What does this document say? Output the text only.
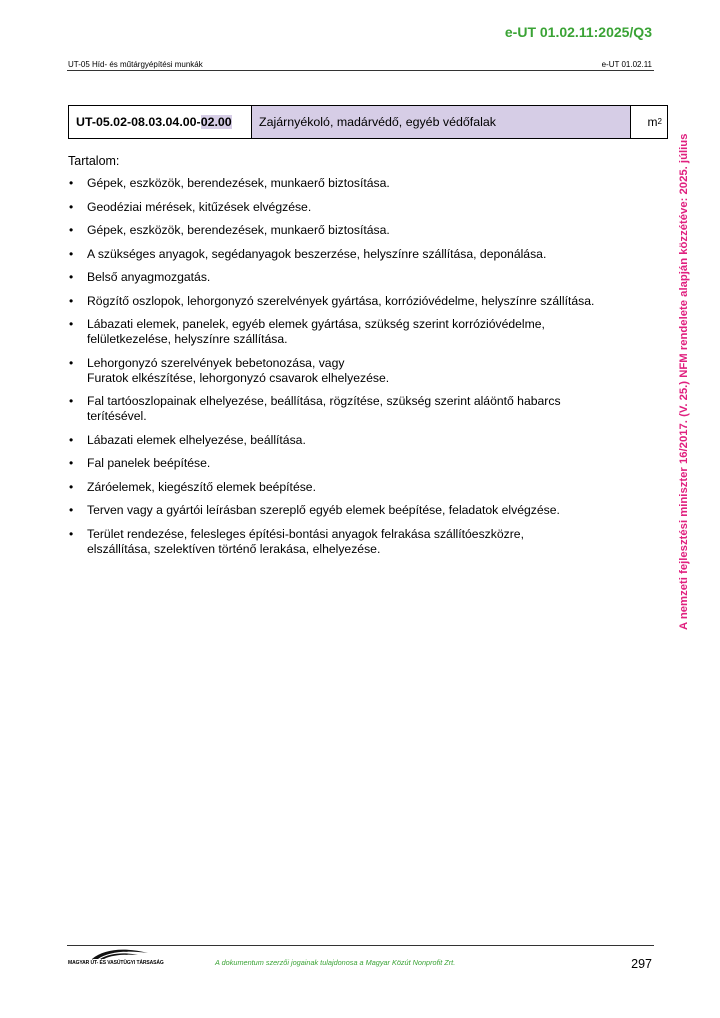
e-UT 01.02.11:2025/Q3
UT-05 Híd- és műtárgyépítési munkák	e-UT 01.02.11
A nemzeti fejlesztési miniszter 16/2017. (V. 25.) NFM rendelete alapján közzétéve: 2025. július
UT-05.02-08.03.04.00- 02.00 Zajárnyékoló, madárvédő, egyéb védőfalak	$m^2$
Tartalom:
• Gépek, eszközök, berendezések, munkaerő biztosítása.
• Geodéziai mérések, kitűzések elvégzése.
• Gépek, eszközök, berendezések, munkaerő biztosítása.
• A szükséges anyagok, segédanyagok beszerzése, helyszínre szállítása, deponálása.
• Belső anyagmozgatás.
• Rögzítő oszlopok, lehorgonyzó szerelvények gyártása, korrózióvédelme, helyszínre szállítása.
• Lábazati elemek, panelek, egyéb elemek gyártása, szükség szerint korrózióvédelme,
felületkezelése, helyszínre szállítása.
• Lehorgonyzó szerelvények bebetonozása, vagy
Furatok elkészítése, lehorgonyzó csavarok elhelyezése.
• Fal tartóoszlopainak elhelyezése, beállítása, rögzítése, szükség szerint aláöntő habarcs
terítésével.
• Lábazati elemek elhelyezése, beállítása.
• Fal panelek beépítése.
• Záróelemek, kiegészítő elemek beépítése.
• Terven vagy a gyártói leírásban szereplő egyéb elemek beépítése, feladatok elvégzése.
• Terület rendezése, felesleges építési-bontási anyagok felrakása szállítóeszközre,
elszállítása, szelektíven történő lerakása, elhelyezése.
MAGYAR ÚT- ÉS VASÚTÜGYI TÁRSASÁG	A dokumentum szerzői jogainak tulajdonosa a Magyar Közút Nonprofit Zrt.	297
